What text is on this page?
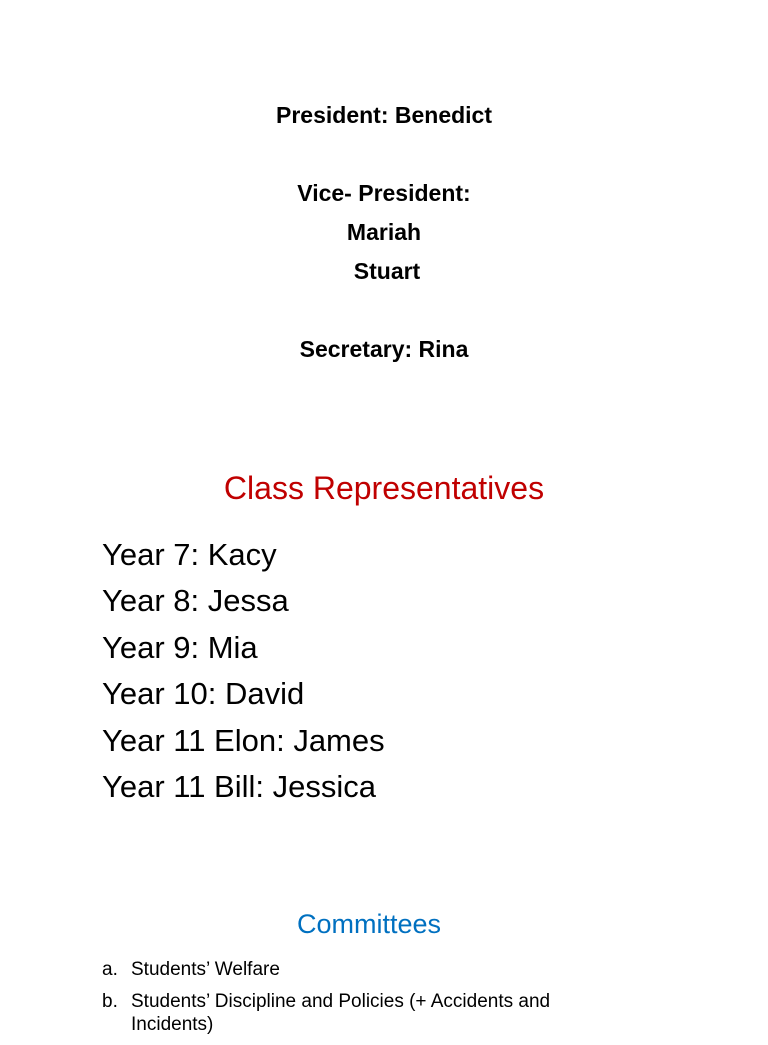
President: Benedict
Vice- President:
Mariah
Stuart
Secretary: Rina
Class Representatives
Year 7: Kacy
Year 8: Jessa
Year 9: Mia
Year 10: David
Year 11 Elon: James
Year 11 Bill: Jessica
Committees
a. Students’ Welfare
b. Students’ Discipline and Policies (+ Accidents and Incidents)
